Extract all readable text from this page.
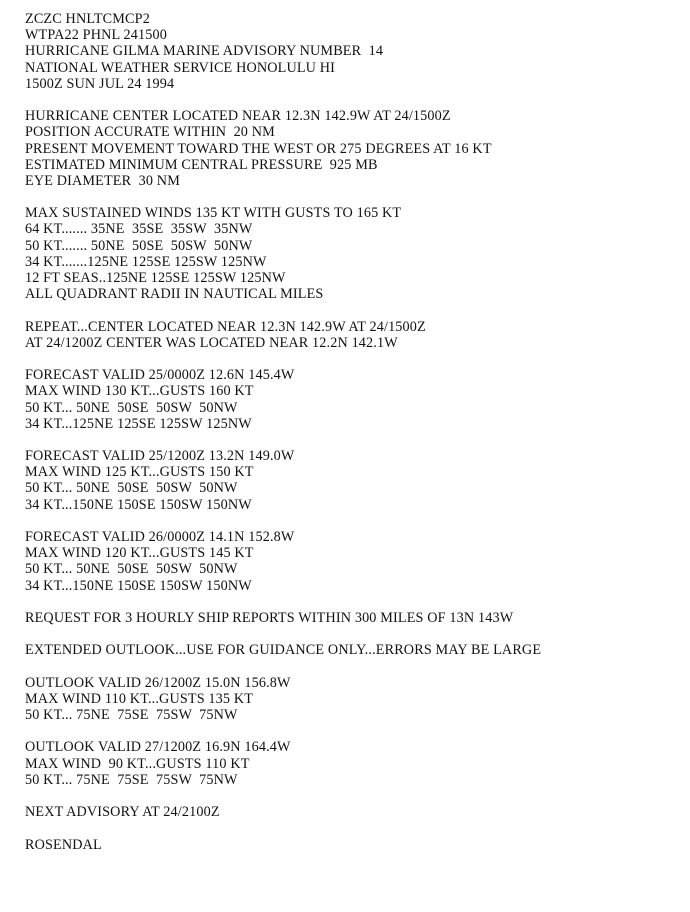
ZCZC HNLTCMCP2
WTPA22 PHNL 241500
HURRICANE GILMA MARINE ADVISORY NUMBER  14
NATIONAL WEATHER SERVICE HONOLULU HI
1500Z SUN JUL 24 1994
HURRICANE CENTER LOCATED NEAR 12.3N 142.9W AT 24/1500Z
POSITION ACCURATE WITHIN  20 NM
PRESENT MOVEMENT TOWARD THE WEST OR 275 DEGREES AT 16 KT
ESTIMATED MINIMUM CENTRAL PRESSURE  925 MB
EYE DIAMETER  30 NM
MAX SUSTAINED WINDS 135 KT WITH GUSTS TO 165 KT
64 KT....... 35NE  35SE  35SW  35NW
50 KT....... 50NE  50SE  50SW  50NW
34 KT.......125NE 125SE 125SW 125NW
12 FT SEAS..125NE 125SE 125SW 125NW
ALL QUADRANT RADII IN NAUTICAL MILES
REPEAT...CENTER LOCATED NEAR 12.3N 142.9W AT 24/1500Z
AT 24/1200Z CENTER WAS LOCATED NEAR 12.2N 142.1W
FORECAST VALID 25/0000Z 12.6N 145.4W
MAX WIND 130 KT...GUSTS 160 KT
50 KT... 50NE  50SE  50SW  50NW
34 KT...125NE 125SE 125SW 125NW
FORECAST VALID 25/1200Z 13.2N 149.0W
MAX WIND 125 KT...GUSTS 150 KT
50 KT... 50NE  50SE  50SW  50NW
34 KT...150NE 150SE 150SW 150NW
FORECAST VALID 26/0000Z 14.1N 152.8W
MAX WIND 120 KT...GUSTS 145 KT
50 KT... 50NE  50SE  50SW  50NW
34 KT...150NE 150SE 150SW 150NW
REQUEST FOR 3 HOURLY SHIP REPORTS WITHIN 300 MILES OF 13N 143W
EXTENDED OUTLOOK...USE FOR GUIDANCE ONLY...ERRORS MAY BE LARGE
OUTLOOK VALID 26/1200Z 15.0N 156.8W
MAX WIND 110 KT...GUSTS 135 KT
50 KT... 75NE  75SE  75SW  75NW
OUTLOOK VALID 27/1200Z 16.9N 164.4W
MAX WIND  90 KT...GUSTS 110 KT
50 KT... 75NE  75SE  75SW  75NW
NEXT ADVISORY AT 24/2100Z
ROSENDAL
